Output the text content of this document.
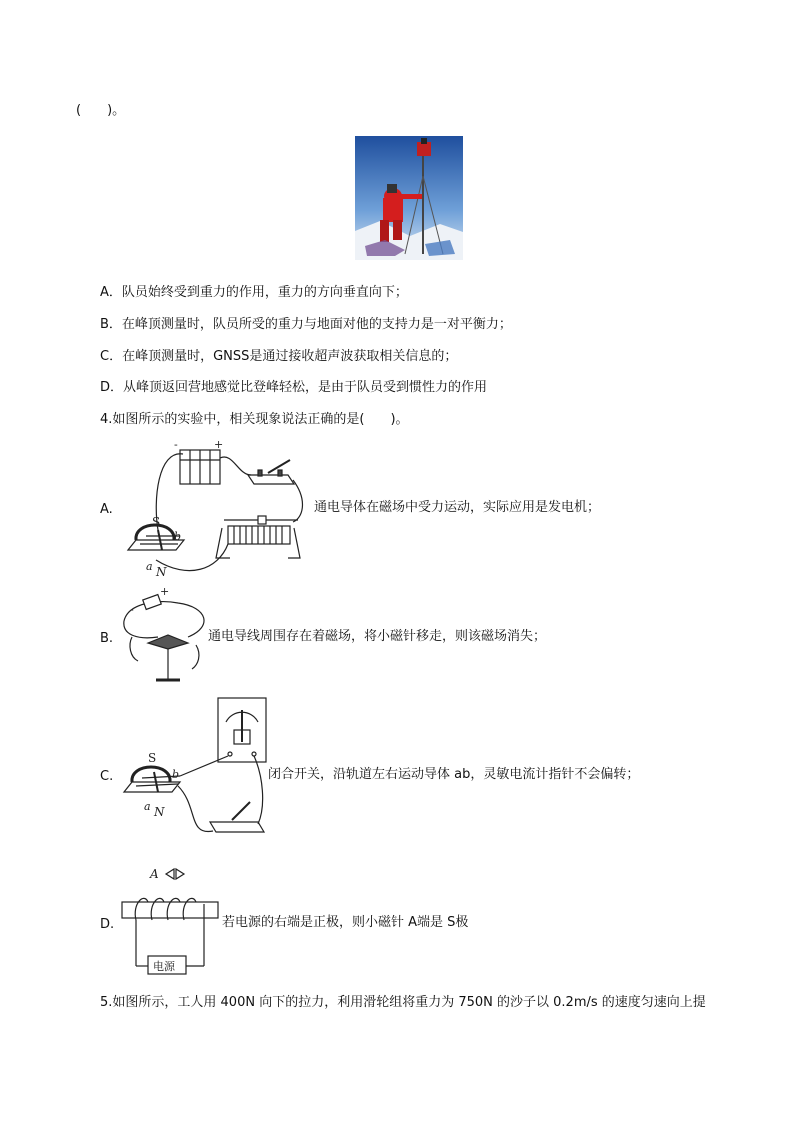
(　　)。
A．队员始终受到重力的作用，重力的方向垂直向下；
B．在峰顶测量时，队员所受的重力与地面对他的支持力是一对平衡力；
C．在峰顶测量时，GNSS是通过接收超声波获取相关信息的；
D．从峰顶返回营地感觉比登峰轻松，是由于队员受到惯性力的作用
4.如图所示的实验中，相关现象说法正确的是(　　)。
-	+
S
b
a N
A.	通电导体在磁场中受力运动，实际应用是发电机；
-
+
B.	通电导线周围存在着磁场，将小磁针移走，则该磁场消失；
S
b
a N
C.	闭合开关，沿轨道左右运动导体 ab，灵敏电流计指针不会偏转；
A
电源
D.	若电源的右端是正极，则小磁针 A端是 S极
5.如图所示，工人用 400N 向下的拉力，利用滑轮组将重力为 750N 的沙子以 0.2m/s 的速度匀速向上提
